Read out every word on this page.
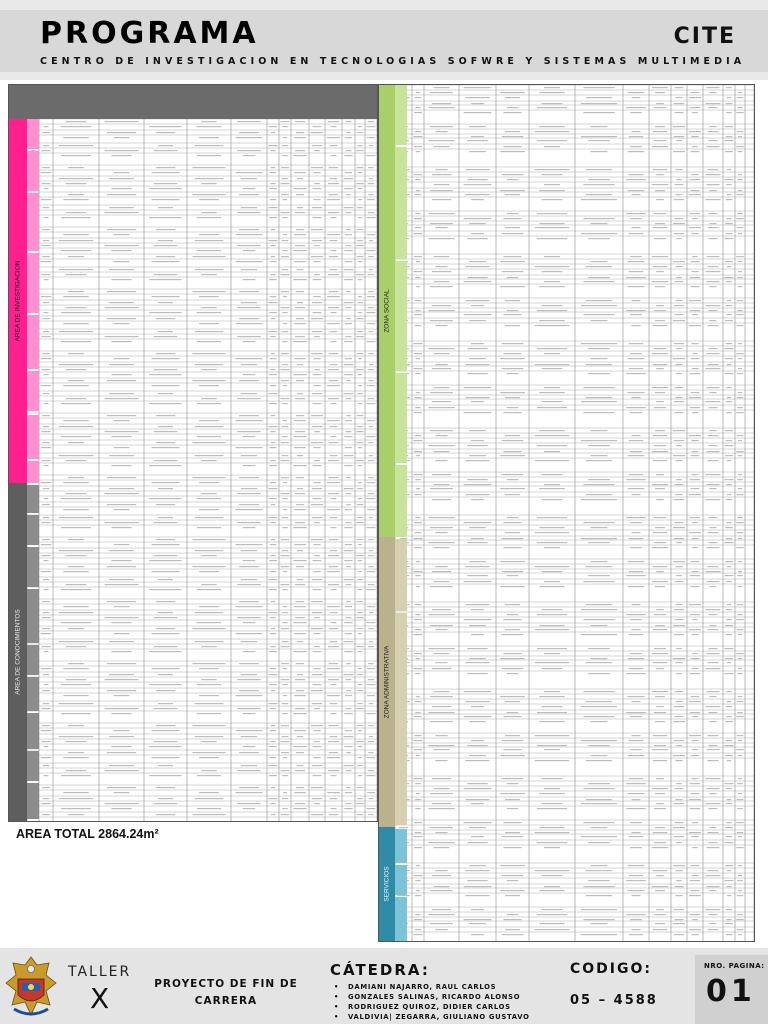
PROGRAMA	CITE
CENTRO DE INVESTIGACION EN TECNOLOGIAS SOFWRE Y SISTEMAS MULTIMEDIA
AREA DE INVESTIGACION
AREA DE CONOCIMIENTOS
AREA TOTAL 2864.24m²
ZONA SOCIAL
ZONA ADMINISTRATIVA
SERVICIOS
TALLER
X	PROYECTO DE FIN DE CARRERA
CÁTEDRA:
• DAMIANI NAJARRO, RAUL CARLOS
• GONZALES SALINAS, RICARDO ALONSO
• RODRIGUEZ QUIROZ, DIDIER CARLOS
• VALDIVIA| ZEGARRA, GIULIANO GUSTAVO
CODIGO:
05 – 4588
NRO. PAGINA:
01
